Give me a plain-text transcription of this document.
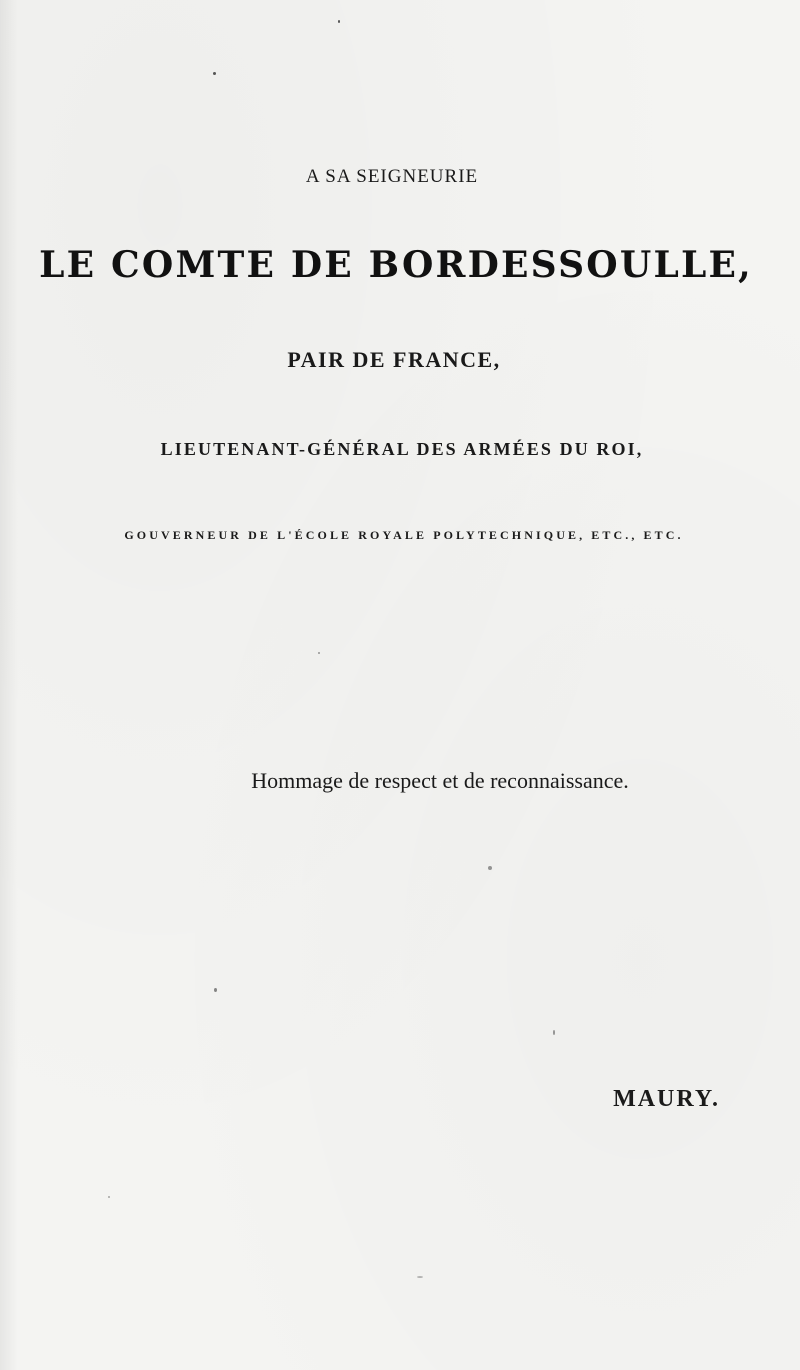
A SA SEIGNEURIE
LE COMTE DE BORDESSOULLE,
PAIR DE FRANCE,
LIEUTENANT-GÉNÉRAL DES ARMÉES DU ROI,
GOUVERNEUR DE L'ÉCOLE ROYALE POLYTECHNIQUE, ETC., ETC.
Hommage de respect et de reconnaissance.
MAURY.
